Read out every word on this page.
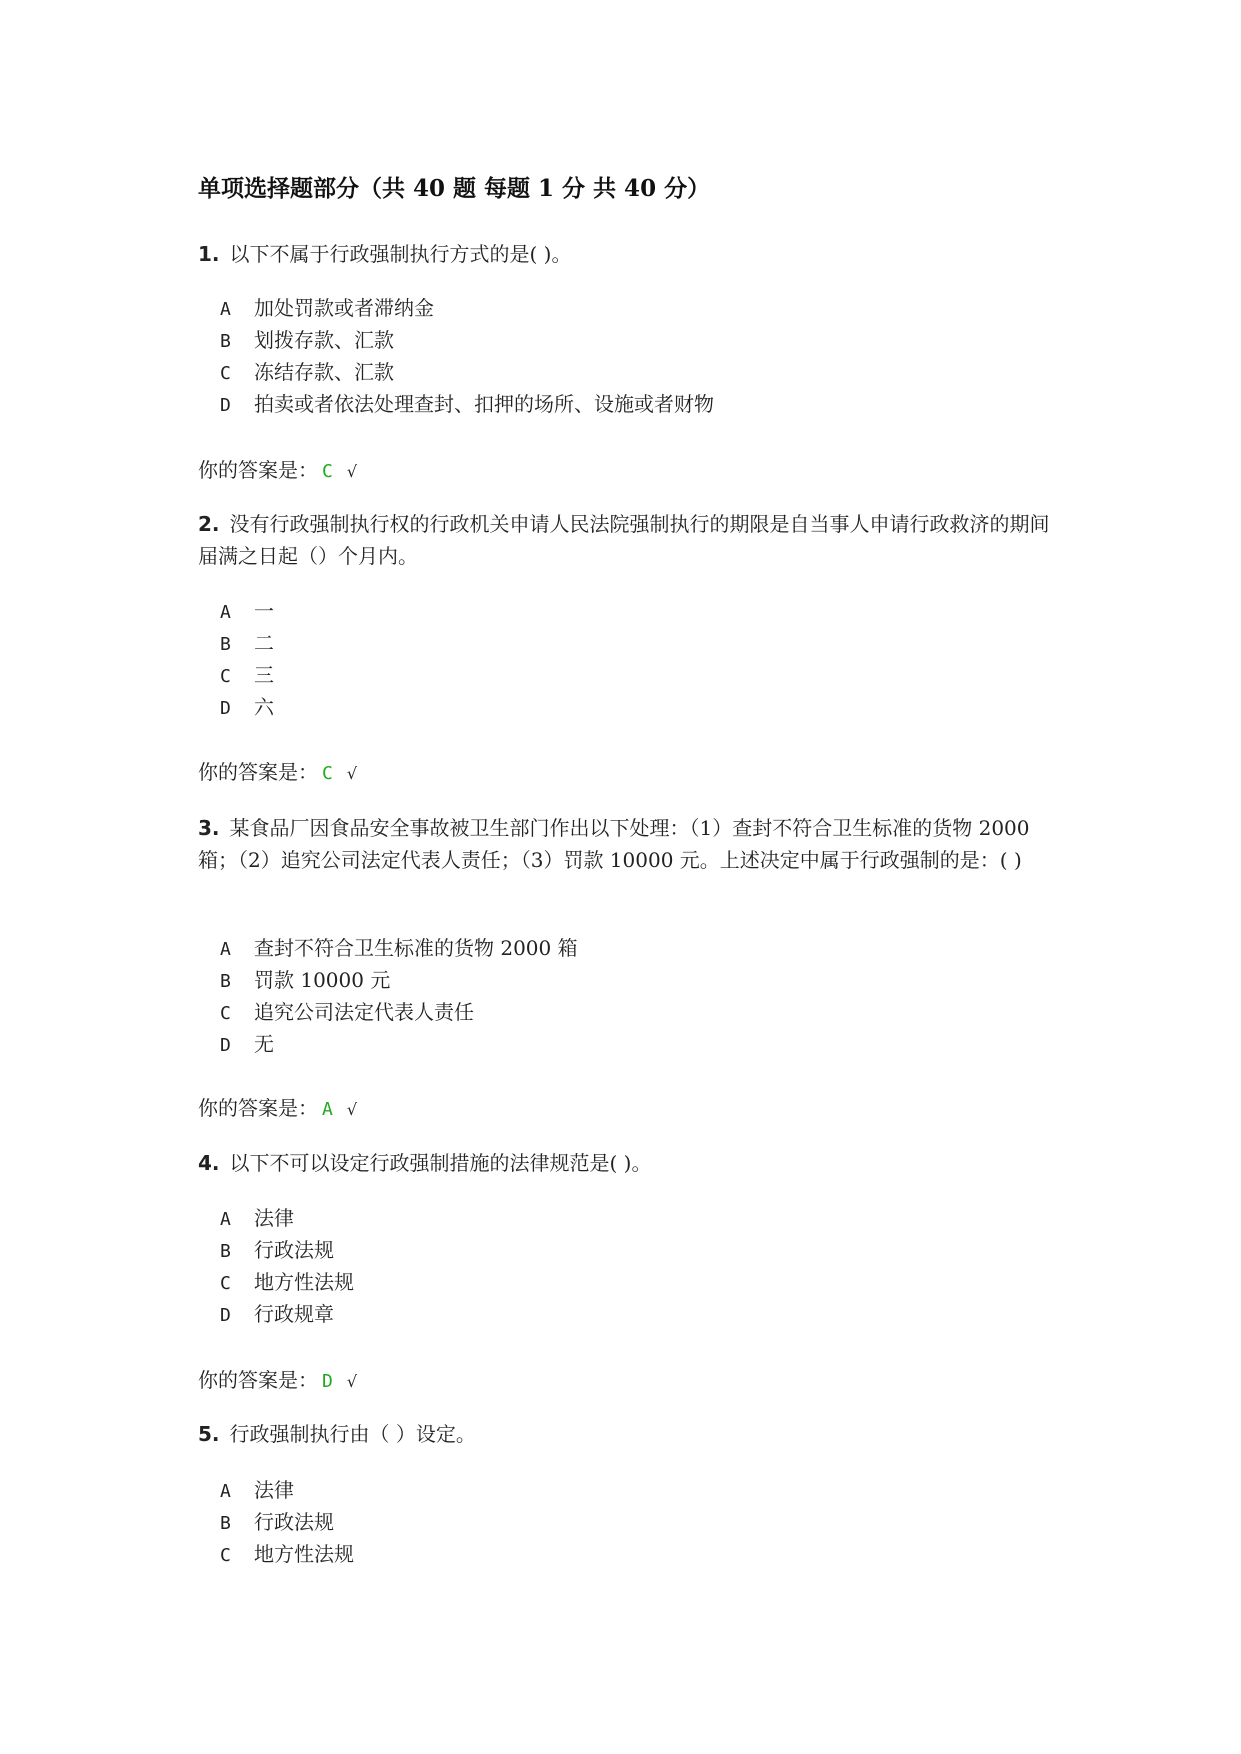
单项选择题部分（共 40 题 每题 1 分 共 40 分）
1. 以下不属于行政强制执行方式的是( )。
A 加处罚款或者滞纳金
B 划拨存款、汇款
C 冻结存款、汇款
D 拍卖或者依法处理查封、扣押的场所、设施或者财物
你的答案是： C √
2. 没有行政强制执行权的行政机关申请人民法院强制执行的期限是自当事人申请行政救济的期间届满之日起（）个月内。
A 一
B 二
C 三
D 六
你的答案是： C √
3. 某食品厂因食品安全事故被卫生部门作出以下处理：（1）查封不符合卫生标准的货物 2000 箱；（2）追究公司法定代表人责任；（3）罚款 10000 元。上述决定中属于行政强制的是：( )
A 查封不符合卫生标准的货物 2000 箱
B 罚款 10000 元
C 追究公司法定代表人责任
D 无
你的答案是： A √
4. 以下不可以设定行政强制措施的法律规范是( )。
A 法律
B 行政法规
C 地方性法规
D 行政规章
你的答案是： D √
5. 行政强制执行由（ ）设定。
A 法律
B 行政法规
C 地方性法规
